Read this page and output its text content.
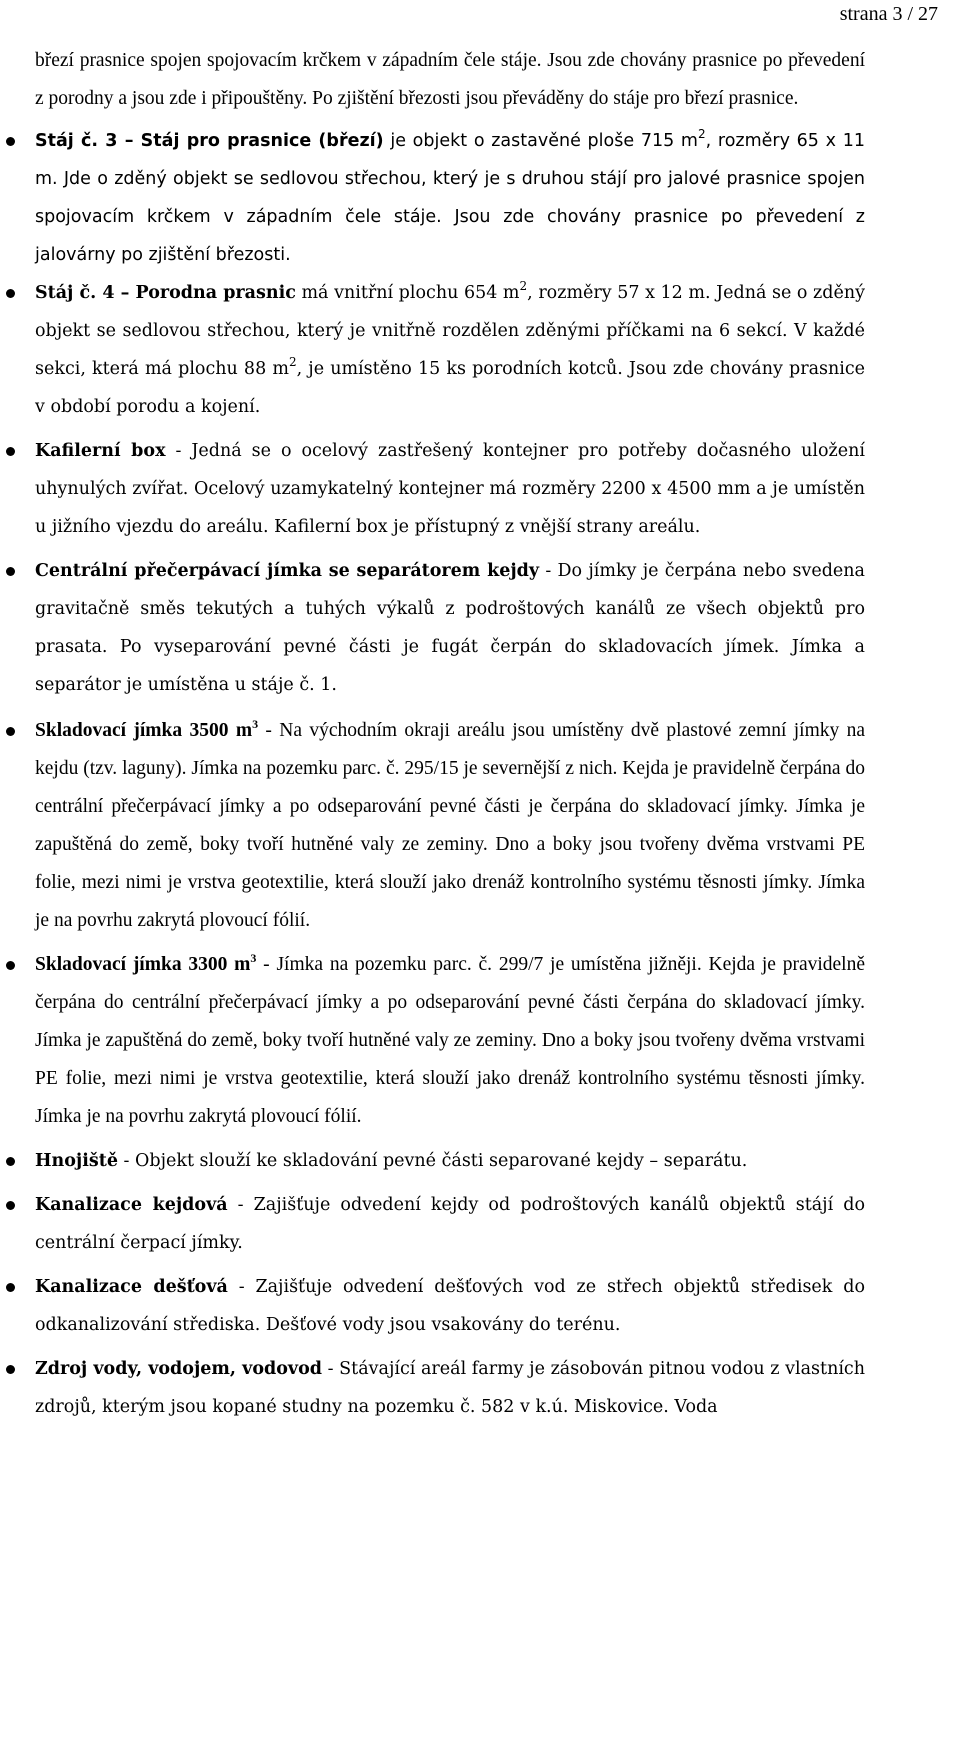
strana 3 / 27

březí prasnice spojen spojovacím krčkem v západním čele stáje. Jsou zde chovány prasnice po převedení z porodny a jsou zde i připouštěny. Po zjištění březosti jsou převáděny do stáje pro březí prasnice.

Stáj č. 3 – Stáj pro prasnice (březí) je objekt o zastavěné ploše 715 $m^2$, rozměry 65 x 11 m. Jde o zděný objekt se sedlovou střechou, který je s druhou stájí pro jalové prasnice spojen spojovacím krčkem v západním čele stáje. Jsou zde chovány prasnice po převedení z jalovárny po zjištění březosti.

Stáj č. 4 – Porodna prasnic má vnitřní plochu 654 $m^2$, rozměry 57 x 12 m. Jedná se o zděný objekt se sedlovou střechou, který je vnitřně rozdělen zděnými příčkami na 6 sekcí. V každé sekci, která má plochu 88 $m^2$, je umístěno 15 ks porodních kotců. Jsou zde chovány prasnice v období porodu a kojení.

Kafilerní box - Jedná se o ocelový zastřešený kontejner pro potřeby dočasného uložení uhynulých zvířat. Ocelový uzamykatelný kontejner má rozměry 2200 x 4500 mm a je umístěn u jižního vjezdu do areálu. Kafilerní box je přístupný z vnější strany areálu.

Centrální přečerpávací jímka se separátorem kejdy - Do jímky je čerpána nebo svedena gravitačně směs tekutých a tuhých výkalů z podroštových kanálů ze všech objektů pro prasata. Po vyseparování pevné části je fugát čerpán do skladovacích jímek. Jímka a separátor je umístěna u stáje č. 1.

Skladovací jímka 3500 $m^3$ - Na východním okraji areálu jsou umístěny dvě plastové zemní jímky na kejdu (tzv. laguny). Jímka na pozemku parc. č. 295/15 je severnější z nich. Kejda je pravidelně čerpána do centrální přečerpávací jímky a po odseparování pevné části je čerpána do skladovací jímky. Jímka je zapuštěná do země, boky tvoří hutněné valy ze zeminy. Dno a boky jsou tvořeny dvěma vrstvami PE folie, mezi nimi je vrstva geotextilie, která slouží jako drenáž kontrolního systému těsnosti jímky. Jímka je na povrhu zakrytá plovoucí fólií.

Skladovací jímka 3300 $m^3$ - Jímka na pozemku parc. č. 299/7 je umístěna jižněji. Kejda je pravidelně čerpána do centrální přečerpávací jímky a po odseparování pevné části čerpána do skladovací jímky. Jímka je zapuštěná do země, boky tvoří hutněné valy ze zeminy. Dno a boky jsou tvořeny dvěma vrstvami PE folie, mezi nimi je vrstva geotextilie, která slouží jako drenáž kontrolního systému těsnosti jímky. Jímka je na povrhu zakrytá plovoucí fólií.

Hnojiště - Objekt slouží ke skladování pevné části separované kejdy – separátu.

Kanalizace kejdová - Zajišťuje odvedení kejdy od podroštových kanálů objektů stájí do centrální čerpací jímky.

Kanalizace dešťová - Zajišťuje odvedení dešťových vod ze střech objektů středisek do odkanalizování střediska. Dešťové vody jsou vsakovány do terénu.

Zdroj vody, vodojem, vodovod - Stávající areál farmy je zásobován pitnou vodou z vlastních zdrojů, kterým jsou kopané studny na pozemku č. 582 v k.ú. Miskovice. Voda
